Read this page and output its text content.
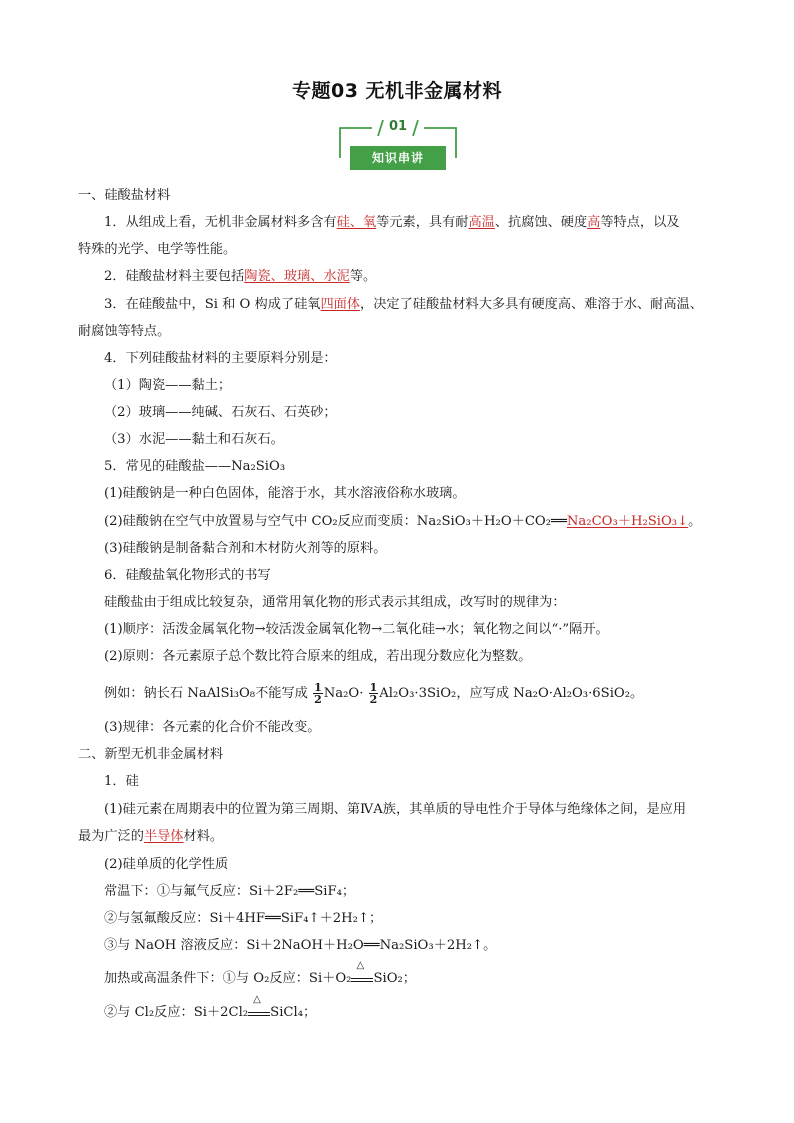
专题03 无机非金属材料
01
知识串讲
一、硅酸盐材料
1．从组成上看，无机非金属材料多含有硅、氧等元素，具有耐高温、抗腐蚀、硬度高等特点，以及
特殊的光学、电学等性能。
2．硅酸盐材料主要包括陶瓷、玻璃、水泥等。
3．在硅酸盐中，Si 和 O 构成了硅氧四面体，决定了硅酸盐材料大多具有硬度高、难溶于水、耐高温、
耐腐蚀等特点。
4．下列硅酸盐材料的主要原料分别是：
（1）陶瓷——黏土；
（2）玻璃——纯碱、石灰石、石英砂；
（3）水泥——黏土和石灰石。
5．常见的硅酸盐——Na₂SiO₃
(1)硅酸钠是一种白色固体，能溶于水，其水溶液俗称水玻璃。
(2)硅酸钠在空气中放置易与空气中 CO₂反应而变质：Na₂SiO₃＋H₂O＋CO₂══Na₂CO₃＋H₂SiO₃↓。
(3)硅酸钠是制备黏合剂和木材防火剂等的原料。
6．硅酸盐氧化物形式的书写
硅酸盐由于组成比较复杂，通常用氧化物的形式表示其组成，改写时的规律为：
(1)顺序：活泼金属氧化物→较活泼金属氧化物→二氧化硅→水；氧化物之间以“·”隔开。
(2)原则：各元素原子总个数比符合原来的组成，若出现分数应化为整数。
例如：钠长石 NaAlSi₃O₈不能写成 $\frac{1}{2} Na_2O\cdot \frac{1}{2} Al_2O_3\cdot 3SiO_2$，应写成 Na₂O·Al₂O₃·6SiO₂。
(3)规律：各元素的化合价不能改变。
二、新型无机非金属材料
1．硅
(1)硅元素在周期表中的位置为第三周期、第ⅣA族，其单质的导电性介于导体与绝缘体之间，是应用
最为广泛的半导体材料。
(2)硅单质的化学性质
常温下：①与氟气反应：Si＋2F₂══SiF₄；
②与氢氟酸反应：Si＋4HF══SiF₄↑＋2H₂↑；
③与 NaOH 溶液反应：Si＋2NaOH＋H₂O══Na₂SiO₃＋2H₂↑。
加热或高温条件下：①与 O₂反应：Si＋O₂
△
SiO₂；
②与 Cl₂反应：Si＋2Cl₂
△
SiCl₄；
